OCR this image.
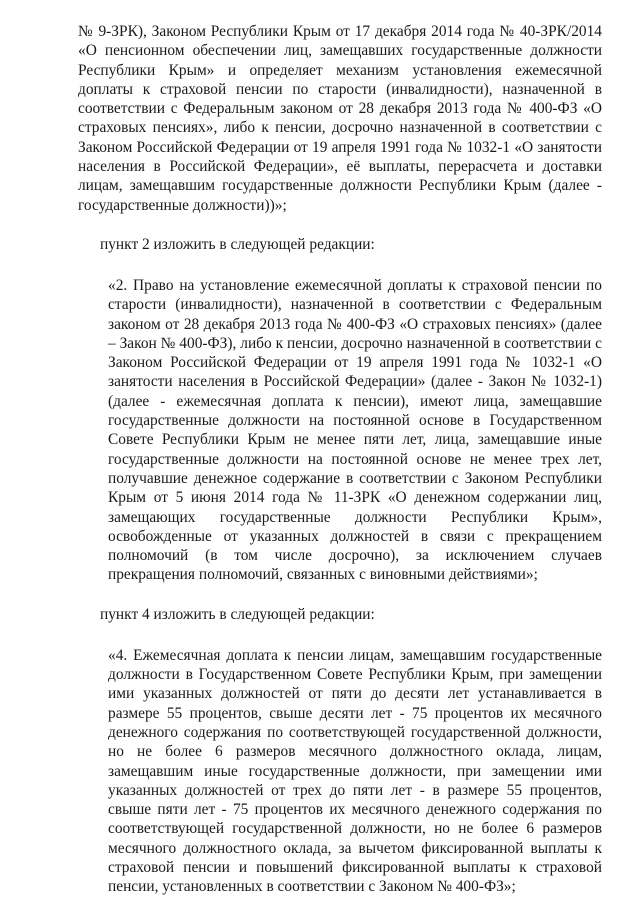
№ 9-ЗРК), Законом Республики Крым от 17 декабря 2014 года № 40-ЗРК/2014 «О пенсионном обеспечении лиц, замещавших государственные должности Республики Крым» и определяет механизм установления ежемесячной доплаты к страховой пенсии по старости (инвалидности), назначенной в соответствии с Федеральным законом от 28 декабря 2013 года № 400-ФЗ «О страховых пенсиях», либо к пенсии, досрочно назначенной в соответствии с Законом Российской Федерации от 19 апреля 1991 года № 1032-1 «О занятости населения в Российской Федерации», её выплаты, перерасчета и доставки лицам, замещавшим государственные должности Республики Крым (далее - государственные должности))»;

пункт 2 изложить в следующей редакции:

«2. Право на установление ежемесячной доплаты к страховой пенсии по старости (инвалидности), назначенной в соответствии с Федеральным законом от 28 декабря 2013 года № 400-ФЗ «О страховых пенсиях» (далее – Закон № 400-ФЗ), либо к пенсии, досрочно назначенной в соответствии с Законом Российской Федерации от 19 апреля 1991 года № 1032-1 «О занятости населения в Российской Федерации» (далее - Закон № 1032-1) (далее - ежемесячная доплата к пенсии), имеют лица, замещавшие государственные должности на постоянной основе в Государственном Совете Республики Крым не менее пяти лет, лица, замещавшие иные государственные должности на постоянной основе не менее трех лет, получавшие денежное содержание в соответствии с Законом Республики Крым от 5 июня 2014 года № 11-ЗРК «О денежном содержании лиц, замещающих государственные должности Республики Крым», освобожденные от указанных должностей в связи с прекращением полномочий (в том числе досрочно), за исключением случаев прекращения полномочий, связанных с виновными действиями»;

пункт 4 изложить в следующей редакции:

«4. Ежемесячная доплата к пенсии лицам, замещавшим государственные должности в Государственном Совете Республики Крым, при замещении ими указанных должностей от пяти до десяти лет устанавливается в размере 55 процентов, свыше десяти лет - 75 процентов их месячного денежного содержания по соответствующей государственной должности, но не более 6 размеров месячного должностного оклада, лицам, замещавшим иные государственные должности, при замещении ими указанных должностей от трех до пяти лет - в размере 55 процентов, свыше пяти лет - 75 процентов их месячного денежного содержания по соответствующей государственной должности, но не более 6 размеров месячного должностного оклада, за вычетом фиксированной выплаты к страховой пенсии и повышений фиксированной выплаты к страховой пенсии, установленных в соответствии с Законом № 400-ФЗ»;
